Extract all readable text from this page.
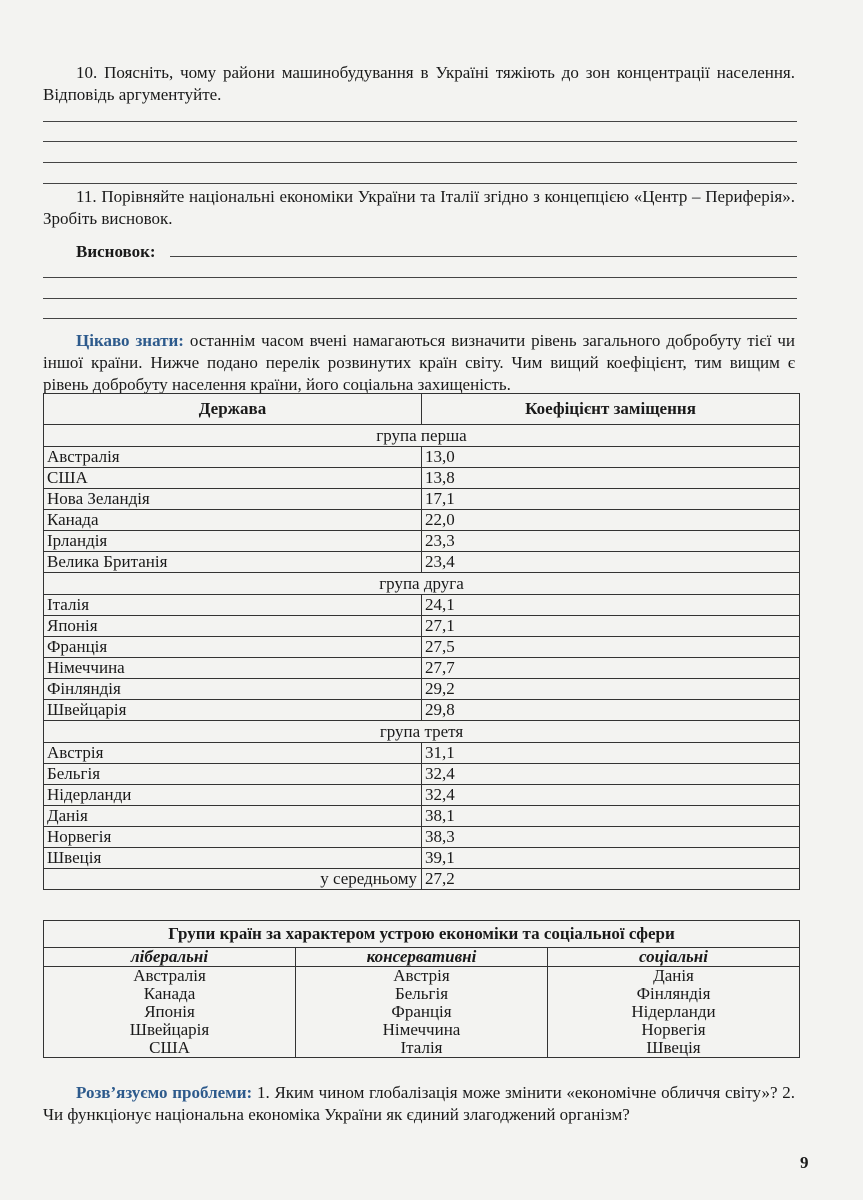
10. Поясніть, чому райони машинобудування в Україні тяжіють до зон концентрації населення. Відповідь аргументуйте.
11. Порівняйте національні економіки України та Італії згідно з концепцією «Центр – Периферія». Зробіть висновок.
Висновок:
Цікаво знати: останнім часом вчені намагаються визначити рівень загального добробуту тієї чи іншої країни. Нижче подано перелік розвинутих країн світу. Чим вищий коефіцієнт, тим вищим є рівень добробуту населення країни, його соціальна захищеність.
Держава	Коефіцієнт заміщення
група перша	
Австралія	13,0
США	13,8
Нова Зеландія	17,1
Канада	22,0
Ірландія	23,3
Велика Британія	23,4
група друга	
Італія	24,1
Японія	27,1
Франція	27,5
Німеччина	27,7
Фінляндія	29,2
Швейцарія	29,8
група третя	
Австрія	31,1
Бельгія	32,4
Нідерланди	32,4
Данія	38,1
Норвегія	38,3
Швеція	39,1
у середньому	27,2
Групи країн за характером устрою економіки та соціальної сфери		
ліберальні	консервативні	соціальні
Австралія	Австрія	Данія
Канада	Бельгія	Фінляндія
Японія	Франція	Нідерланди
Швейцарія	Німеччина	Норвегія
США	Італія	Швеція
Розв’язуємо проблеми: 1. Яким чином глобалізація може змінити «економічне обличчя світу»? 2. Чи функціонує національна економіка України як єдиний злагоджений організм?
9
